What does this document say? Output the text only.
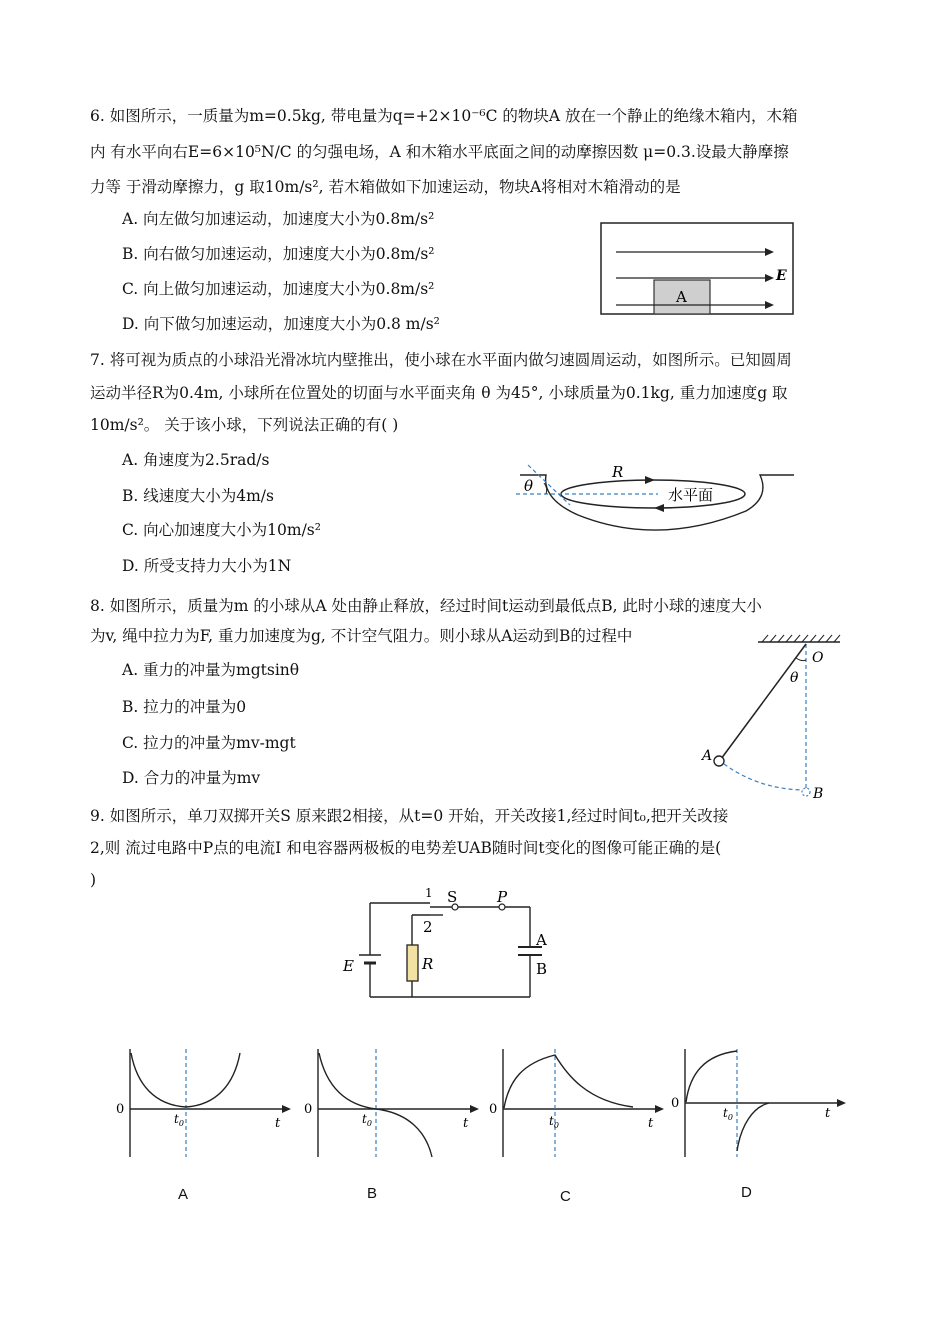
6. 如图所示，一质量为m=0.5kg, 带电量为q=+2×10⁻⁶C 的物块A 放在一个静止的绝缘木箱内，木箱
内 有水平向右E=6×10⁵N/C 的匀强电场，A 和木箱水平底面之间的动摩擦因数 μ=0.3.设最大静摩擦
力等 于滑动摩擦力，g 取10m/s², 若木箱做如下加速运动，物块A将相对木箱滑动的是
A. 向左做匀加速运动，加速度大小为0.8m/s²
B. 向右做匀加速运动，加速度大小为0.8m/s²
C. 向上做匀加速运动，加速度大小为0.8m/s²
D. 向下做匀加速运动，加速度大小为0.8 m/s²
A
E
7. 将可视为质点的小球沿光滑冰坑内壁推出，使小球在水平面内做匀速圆周运动，如图所示。已知圆周
运动半径R为0.4m, 小球所在位置处的切面与水平面夹角 θ 为45°, 小球质量为0.1kg, 重力加速度g 取
10m/s²。 关于该小球，下列说法正确的有( )
A. 角速度为2.5rad/s
B. 线速度大小为4m/s
C. 向心加速度大小为10m/s²
D. 所受支持力大小为1N
θ
R
水平面
8. 如图所示，质量为m 的小球从A 处由静止释放，经过时间t运动到最低点B, 此时小球的速度大小
为v, 绳中拉力为F, 重力加速度为g, 不计空气阻力。则小球从A运动到B的过程中
A. 重力的冲量为mgtsinθ
B. 拉力的冲量为0
C. 拉力的冲量为mv-mgt
D. 合力的冲量为mv
O
θ
A
B
9. 如图所示，单刀双掷开关S 原来跟2相接，从t=0 开始，开关改接1,经过时间t₀,把开关改接
2,则 流过电路中P点的电流I 和电容器两极板的电势差UAB随时间t变化的图像可能正确的是(
)
1 S
2
P
E	R
A
B
0
$t_0$	t
A
0
$t_0$	t
B
0
$t_0$	t
C
0
$t_0$	t
D
